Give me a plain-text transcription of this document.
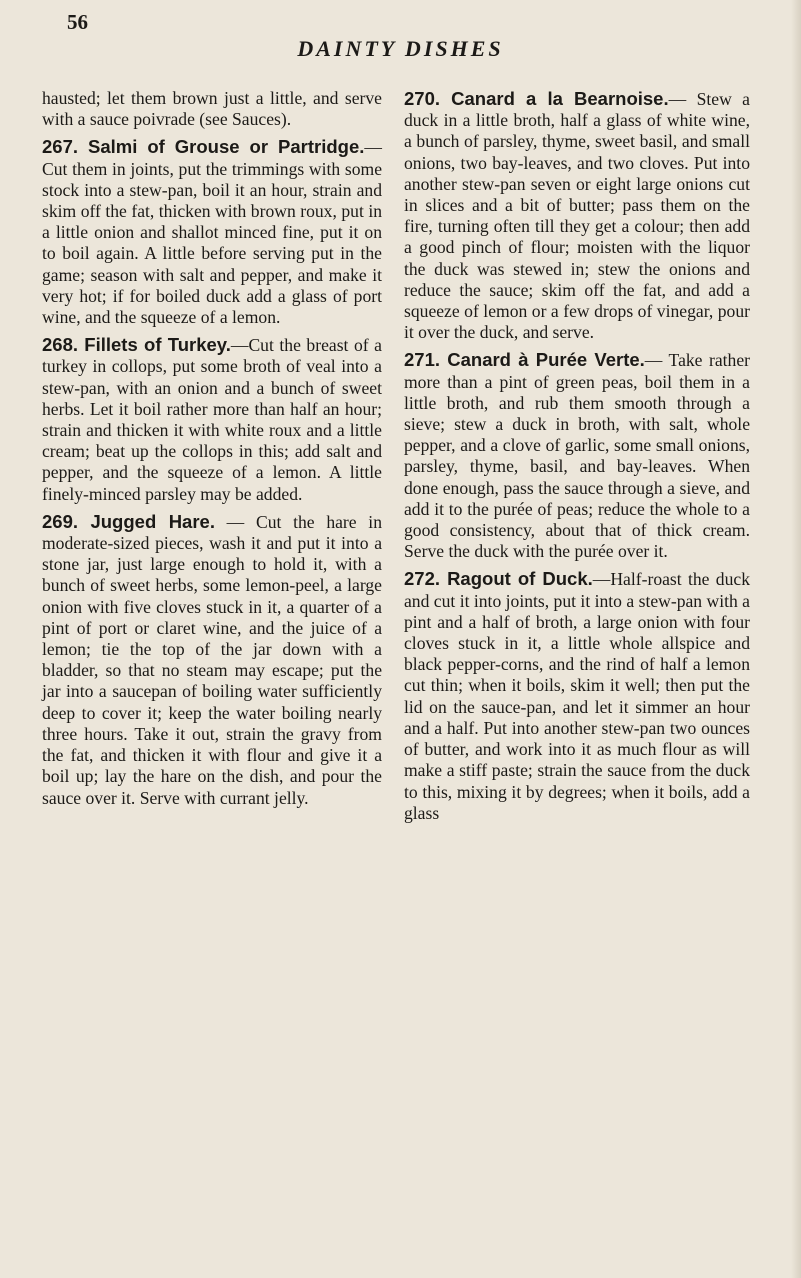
56
DAINTY DISHES

hausted; let them brown just a little, and serve with a sauce poivrade (see Sauces).

267. Salmi of Grouse or Partridge.—Cut them in joints, put the trimmings with some stock into a stew-pan, boil it an hour, strain and skim off the fat, thicken with brown roux, put in a little onion and shallot minced fine, put it on to boil again. A little before serving put in the game; season with salt and pepper, and make it very hot; if for boiled duck add a glass of port wine, and the squeeze of a lemon.

268. Fillets of Turkey.—Cut the breast of a turkey in collops, put some broth of veal into a stew-pan, with an onion and a bunch of sweet herbs. Let it boil rather more than half an hour; strain and thicken it with white roux and a little cream; beat up the collops in this; add salt and pepper, and the squeeze of a lemon. A little finely-minced parsley may be added.

269. Jugged Hare. — Cut the hare in moderate-sized pieces, wash it and put it into a stone jar, just large enough to hold it, with a bunch of sweet herbs, some lemon-peel, a large onion with five cloves stuck in it, a quarter of a pint of port or claret wine, and the juice of a lemon; tie the top of the jar down with a bladder, so that no steam may escape; put the jar into a saucepan of boiling water sufficiently deep to cover it; keep the water boiling nearly three hours. Take it out, strain the gravy from the fat, and thicken it with flour and give it a boil up; lay the hare on the dish, and pour the sauce over it. Serve with currant jelly.

270. Canard a la Bearnoise.— Stew a duck in a little broth, half a glass of white wine, a bunch of parsley, thyme, sweet basil, and small onions, two bay-leaves, and two cloves. Put into another stew-pan seven or eight large onions cut in slices and a bit of butter; pass them on the fire, turning often till they get a colour; then add a good pinch of flour; moisten with the liquor the duck was stewed in; stew the onions and reduce the sauce; skim off the fat, and add a squeeze of lemon or a few drops of vinegar, pour it over the duck, and serve.

271. Canard à Purée Verte.— Take rather more than a pint of green peas, boil them in a little broth, and rub them smooth through a sieve; stew a duck in broth, with salt, whole pepper, and a clove of garlic, some small onions, parsley, thyme, basil, and bay-leaves. When done enough, pass the sauce through a sieve, and add it to the purée of peas; reduce the whole to a good consistency, about that of thick cream. Serve the duck with the purée over it.

272. Ragout of Duck.—Half-roast the duck and cut it into joints, put it into a stew-pan with a pint and a half of broth, a large onion with four cloves stuck in it, a little whole allspice and black pepper-corns, and the rind of half a lemon cut thin; when it boils, skim it well; then put the lid on the sauce-pan, and let it simmer an hour and a half. Put into another stew-pan two ounces of butter, and work into it as much flour as will make a stiff paste; strain the sauce from the duck to this, mixing it by degrees; when it boils, add a glass
